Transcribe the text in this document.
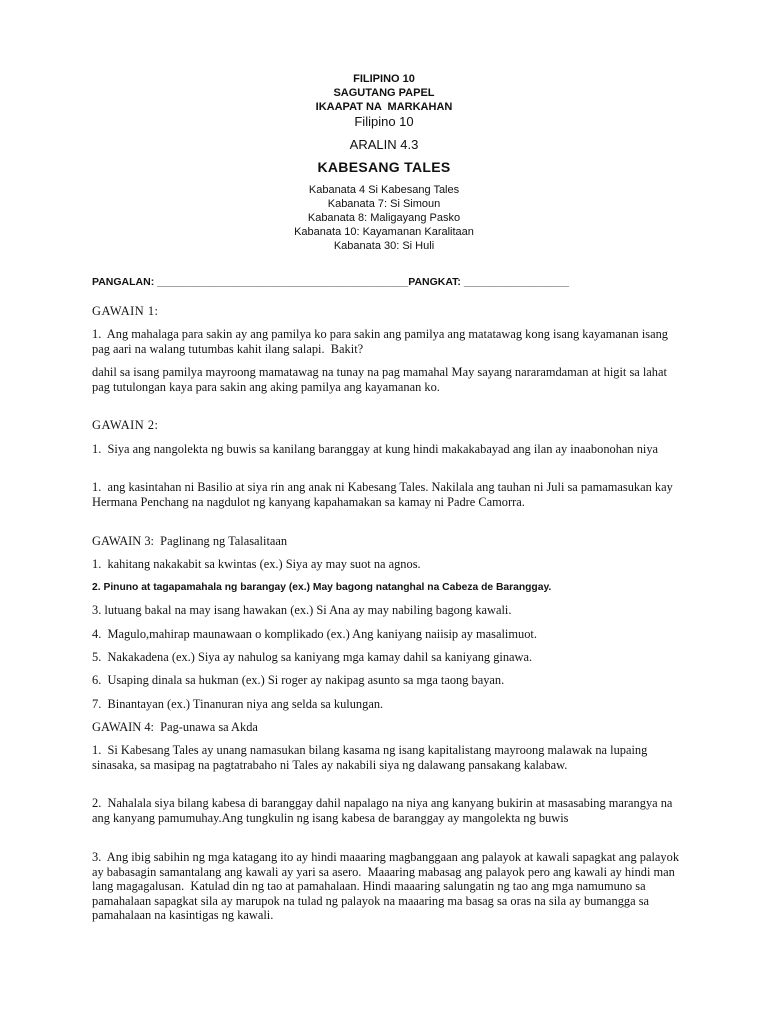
FILIPINO 10
SAGUTANG PAPEL
IKAAPAT NA  MARKAHAN
Filipino 10
ARALIN 4.3
KABESANG TALES
Kabanata 4 Si Kabesang Tales
Kabanata 7: Si Simoun
Kabanata 8: Maligayang Pasko
Kabanata 10: Kayamanan Karalitaan
Kabanata 30: Si Huli
PANGALAN: ___________________________________________PANGKAT: __________________
GAWAIN 1:
1.  Ang mahalaga para sakin ay ang pamilya ko para sakin ang pamilya ang matatawag kong isang kayamanan isang pag aari na walang tutumbas kahit ilang salapi.  Bakit?
dahil sa isang pamilya mayroong mamatawag na tunay na pag mamahal May sayang nararamdaman at higit sa lahat pag tutulongan kaya para sakin ang aking pamilya ang kayamanan ko.
GAWAIN 2:
1.  Siya ang nangolekta ng buwis sa kanilang baranggay at kung hindi makakabayad ang ilan ay inaabonohan niya
1.  ang kasintahan ni Basilio at siya rin ang anak ni Kabesang Tales. Nakilala ang tauhan ni Juli sa pamamasukan kay Hermana Penchang na nagdulot ng kanyang kapahamakan sa kamay ni Padre Camorra.
GAWAIN 3:  Paglinang ng Talasalitaan
1.  kahitang nakakabit sa kwintas (ex.) Siya ay may suot na agnos.
2. Pinuno at tagapamahala ng barangay (ex.) May bagong natanghal na Cabeza de Baranggay.
3. lutuang bakal na may isang hawakan (ex.) Si Ana ay may nabiling bagong kawali.
4.  Magulo,mahirap maunawaan o komplikado (ex.) Ang kaniyang naiisip ay masalimuot.
5.  Nakakadena (ex.) Siya ay nahulog sa kaniyang mga kamay dahil sa kaniyang ginawa.
6.  Usaping dinala sa hukman (ex.) Si roger ay nakipag asunto sa mga taong bayan.
7.  Binantayan (ex.) Tinanuran niya ang selda sa kulungan.
GAWAIN 4:  Pag-unawa sa Akda
1.  Si Kabesang Tales ay unang namasukan bilang kasama ng isang kapitalistang mayroong malawak na lupaing sinasaka, sa masipag na pagtatrabaho ni Tales ay nakabili siya ng dalawang pansakang kalabaw.
2.  Nahalala siya bilang kabesa di baranggay dahil napalago na niya ang kanyang bukirin at masasabing marangya na ang kanyang pamumuhay.Ang tungkulin ng isang kabesa de baranggay ay mangolekta ng buwis
3.  Ang ibig sabihin ng mga katagang ito ay hindi maaaring magbanggaan ang palayok at kawali sapagkat ang palayok ay babasagin samantalang ang kawali ay yari sa asero.  Maaaring mabasag ang palayok pero ang kawali ay hindi man lang magagalusan.  Katulad din ng tao at pamahalaan. Hindi maaaring salungatin ng tao ang mga namumuno sa pamahalaan sapagkat sila ay marupok na tulad ng palayok na maaaring ma basag sa oras na sila ay bumangga sa pamahalaan na kasintigas ng kawali.
